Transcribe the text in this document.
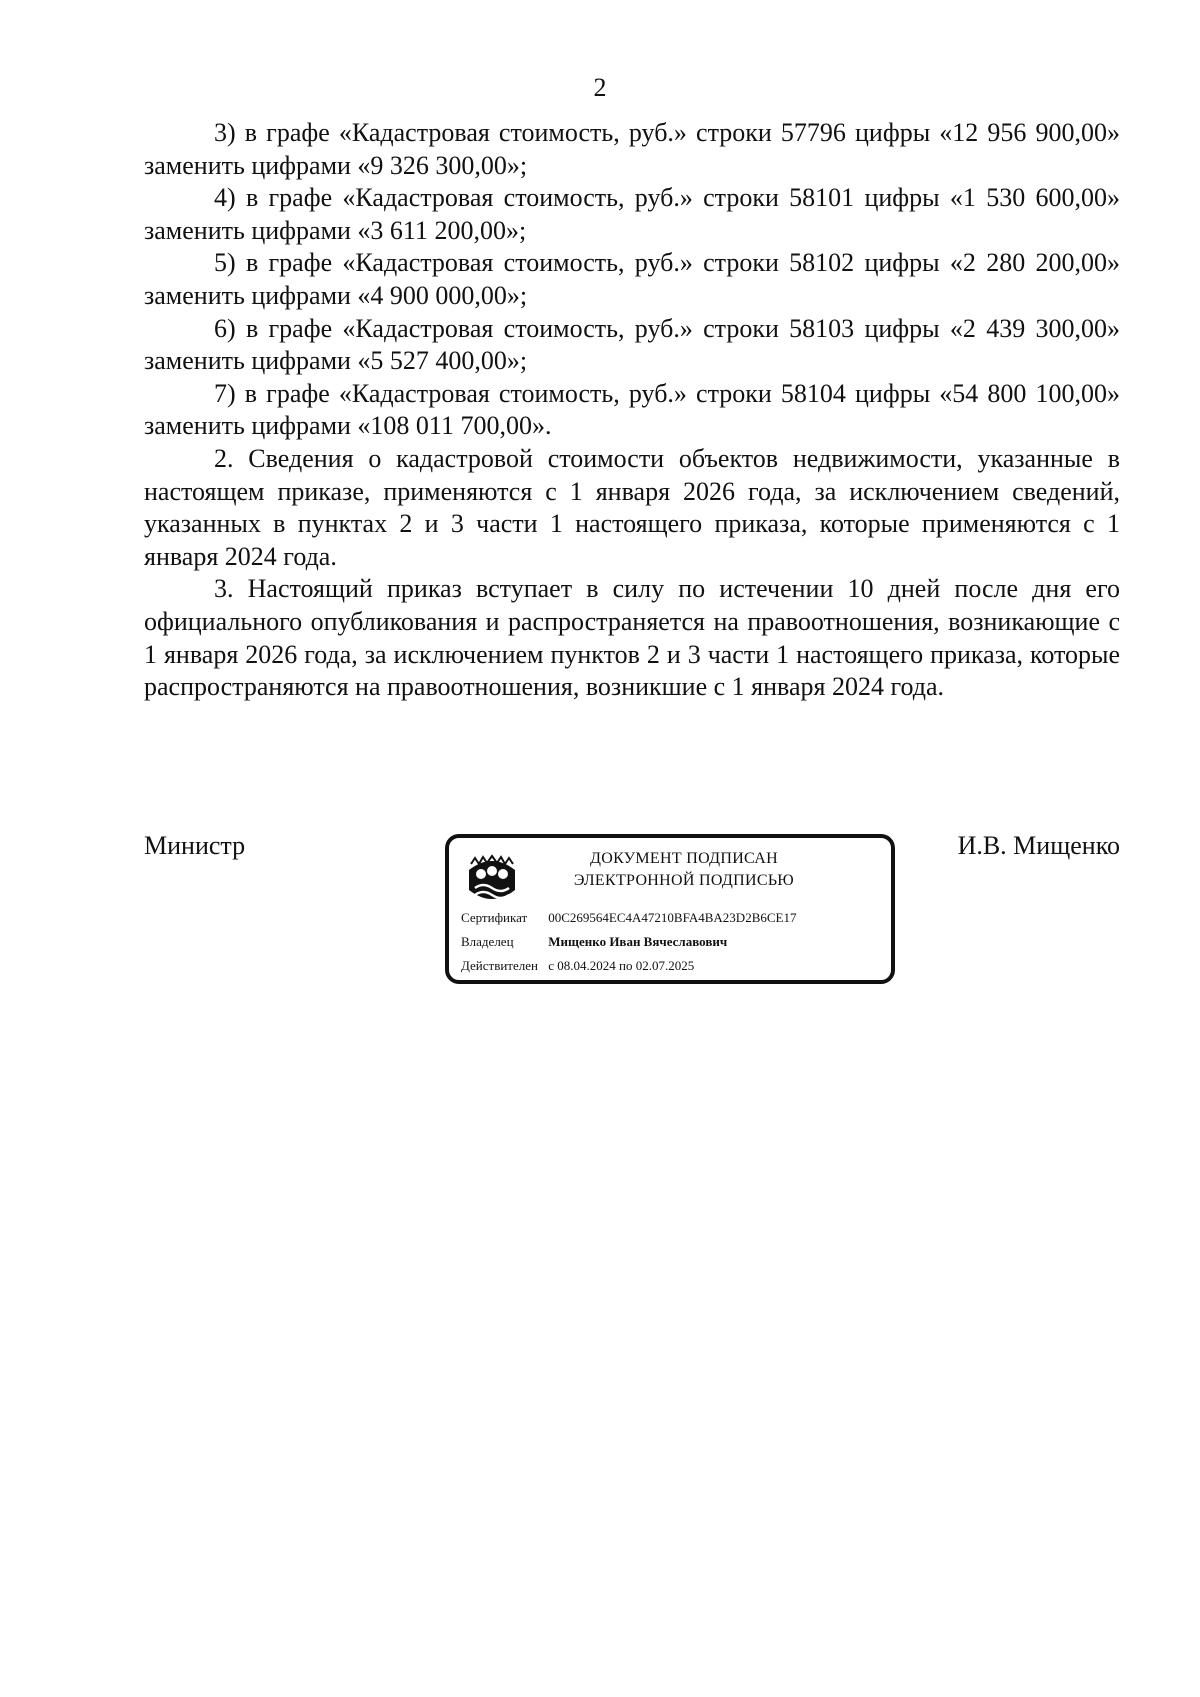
2

3) в графе «Кадастровая стоимость, руб.» строки 57796 цифры «12 956 900,00» заменить цифрами «9 326 300,00»;

4) в графе «Кадастровая стоимость, руб.» строки 58101 цифры «1 530 600,00» заменить цифрами «3 611 200,00»;

5) в графе «Кадастровая стоимость, руб.» строки 58102 цифры «2 280 200,00» заменить цифрами «4 900 000,00»;

6) в графе «Кадастровая стоимость, руб.» строки 58103 цифры «2 439 300,00» заменить цифрами «5 527 400,00»;

7) в графе «Кадастровая стоимость, руб.» строки 58104 цифры «54 800 100,00» заменить цифрами «108 011 700,00».

2. Сведения о кадастровой стоимости объектов недвижимости, указанные в настоящем приказе, применяются с 1 января 2026 года, за исключением сведений, указанных в пунктах 2 и 3 части 1 настоящего приказа, которые применяются с 1 января 2024 года.

3. Настоящий приказ вступает в силу по истечении 10 дней после дня его официального опубликования и распространяется на правоотношения, возникающие с 1 января 2026 года, за исключением пунктов 2 и 3 части 1 настоящего приказа, которые распространяются на правоотношения, возникшие с 1 января 2024 года.

Министр	ДОКУМЕНТ ПОДПИСАН
ЭЛЕКТРОННОЙ ПОДПИСЬЮ
Сертификат 00C269564EC4A47210BFA4BA23D2B6CE17
Владелец	Мищенко Иван Вячеславович
Действителен с 08.04.2024 по 02.07.2025
И.В. Мищенко
